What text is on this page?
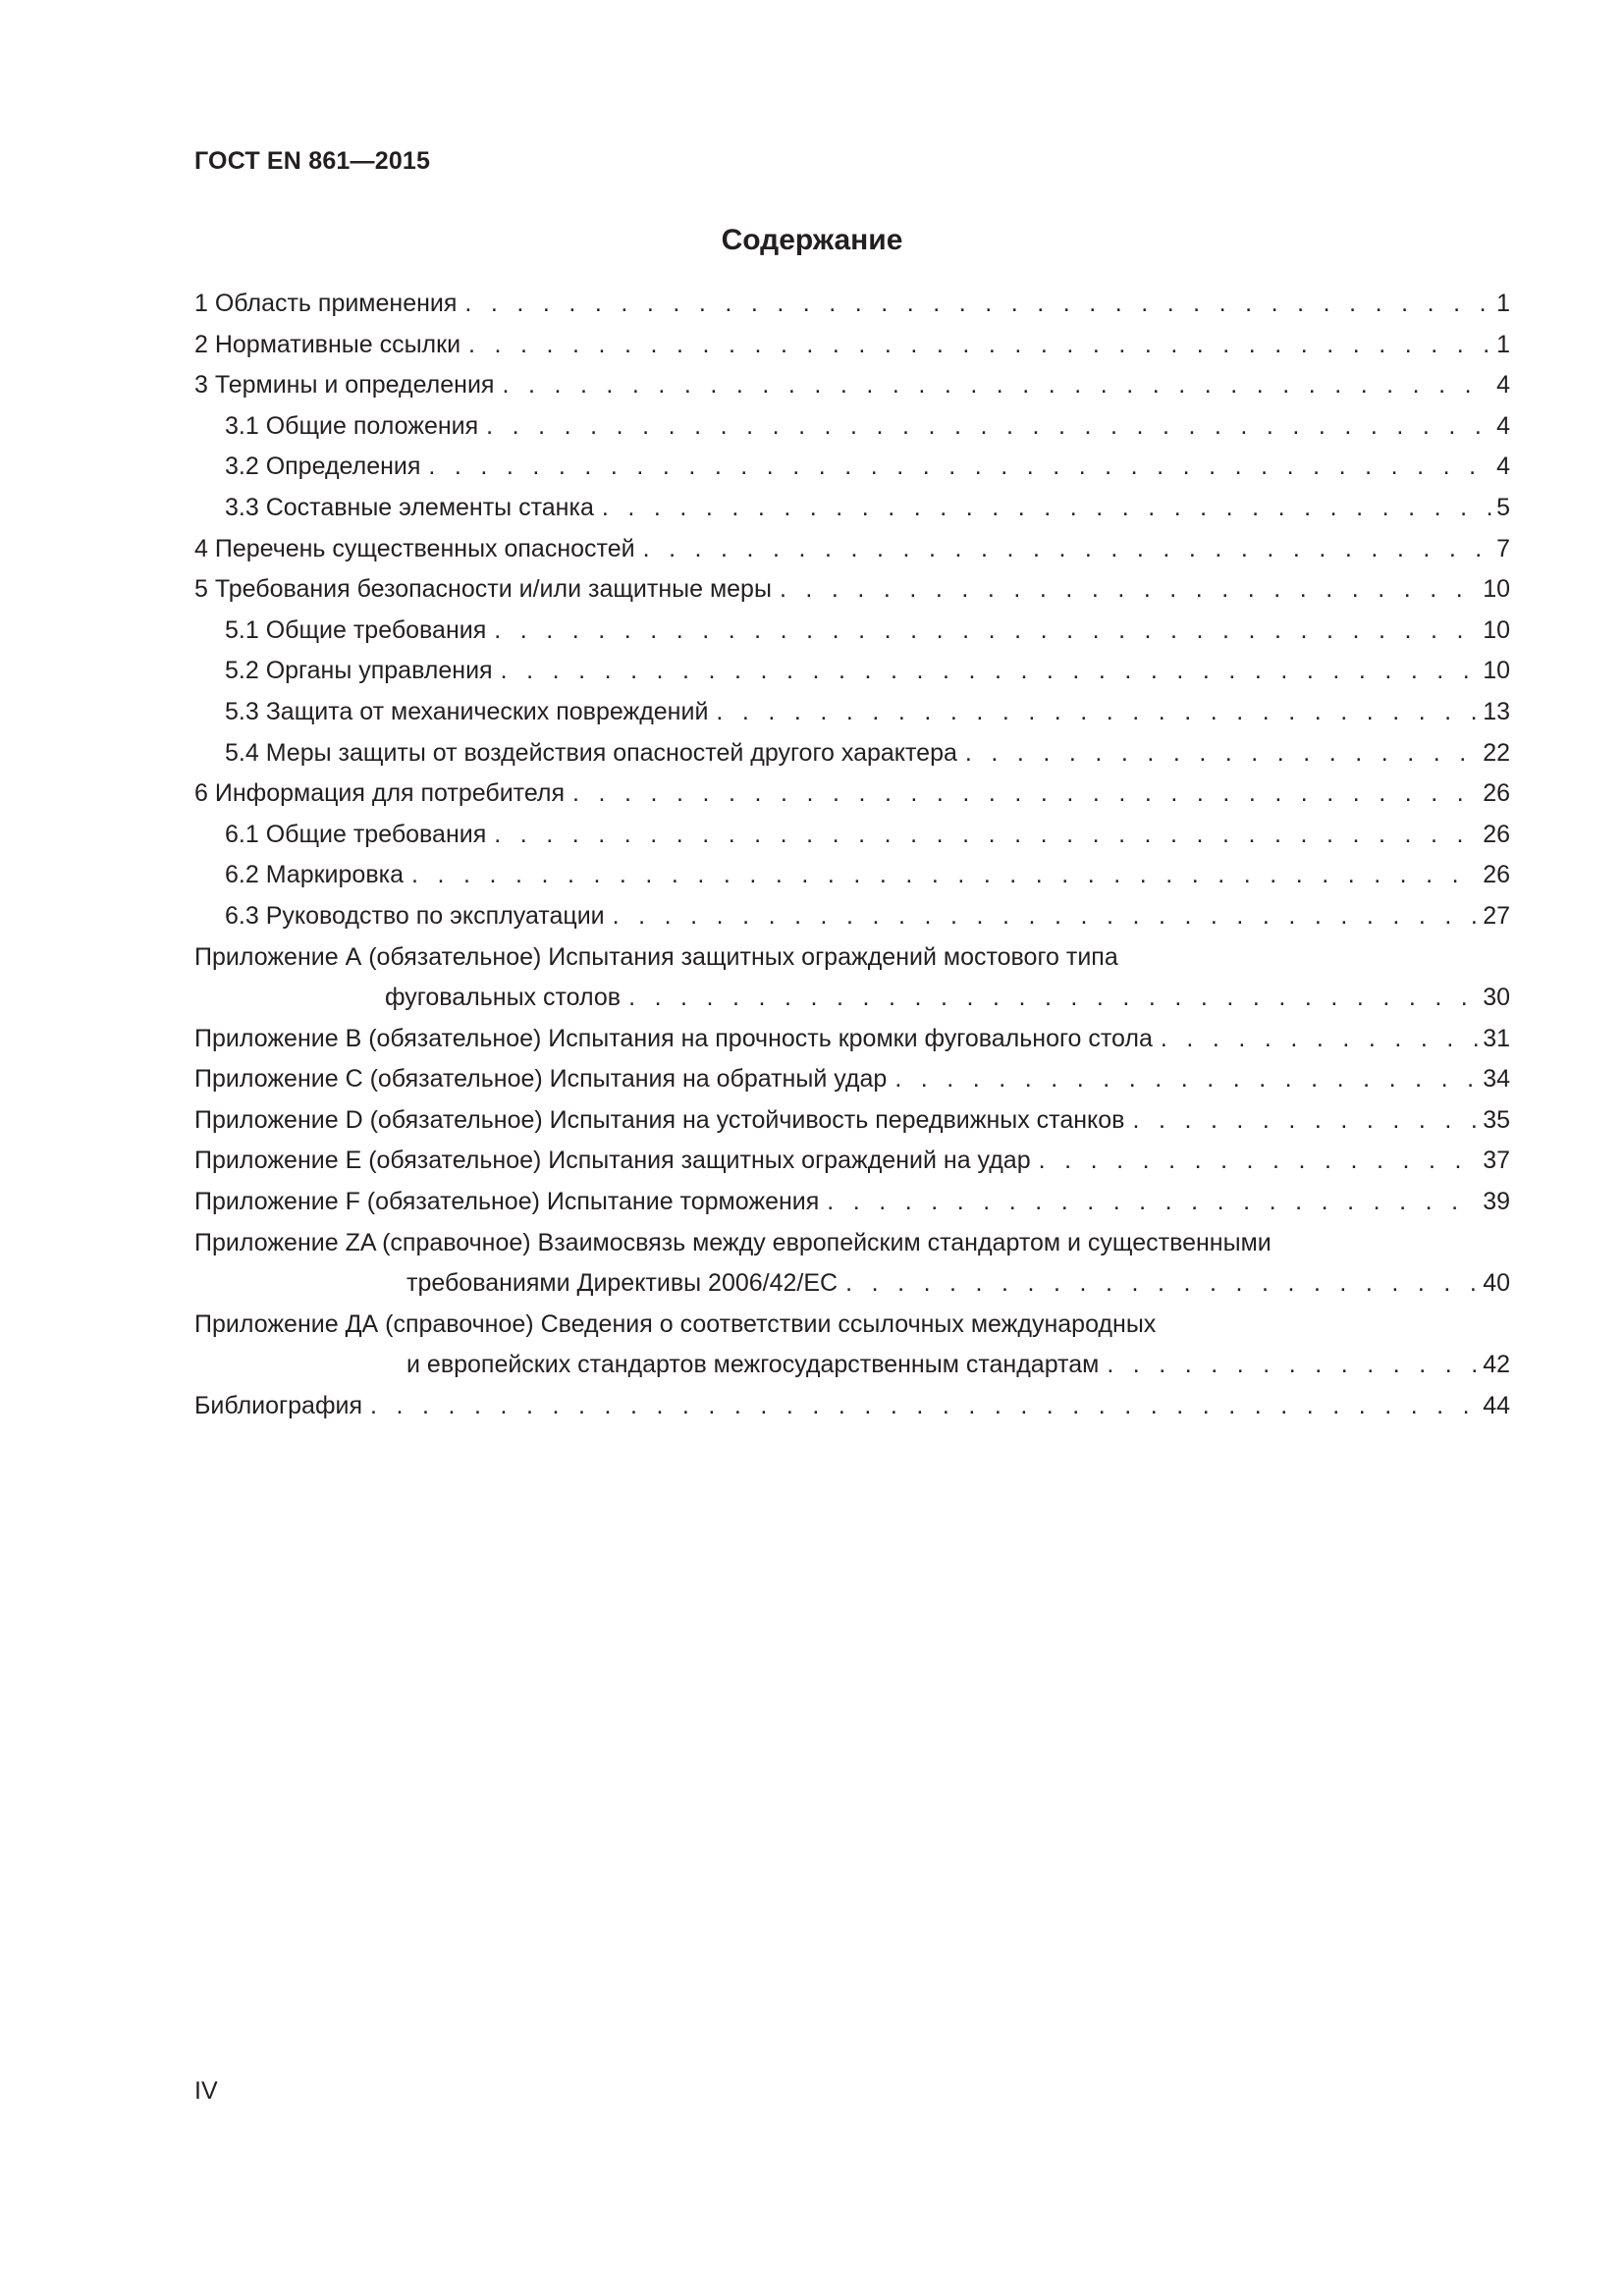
ГОСТ EN 861—2015
Содержание
1 Область применения . . .	1
2 Нормативные ссылки . . .	1
3 Термины и определения . . .	4
3.1 Общие положения . . .	4
3.2 Определения . . .	4
3.3 Составные элементы станка . . .	5
4 Перечень существенных опасностей . . .	7
5 Требования безопасности и/или защитные меры . . .	10
5.1 Общие требования . . .	10
5.2 Органы управления . . .	10
5.3 Защита от механических повреждений . . .	13
5.4 Меры защиты от воздействия опасностей другого характера . . .	22
6 Информация для потребителя . . .	26
6.1 Общие требования . . .	26
6.2 Маркировка . . .	26
6.3 Руководство по эксплуатации . . .	27
Приложение А (обязательное) Испытания защитных ограждений мостового типа
фуговальных столов . . .	30
Приложение В (обязательное) Испытания на прочность кромки фуговального стола . . .	31
Приложение С (обязательное) Испытания на обратный удар . . .	34
Приложение D (обязательное) Испытания на устойчивость передвижных станков . . .	35
Приложение Е (обязательное) Испытания защитных ограждений на удар . . .	37
Приложение F (обязательное) Испытание торможения . . .	39
Приложение ZA (справочное) Взаимосвязь между европейским стандартом и существенными
требованиями Директивы 2006/42/ЕС . . .	40
Приложение ДА (справочное) Сведения о соответствии ссылочных международных
и европейских стандартов межгосударственным стандартам . . .	42
Библиография . . .	44
IV
